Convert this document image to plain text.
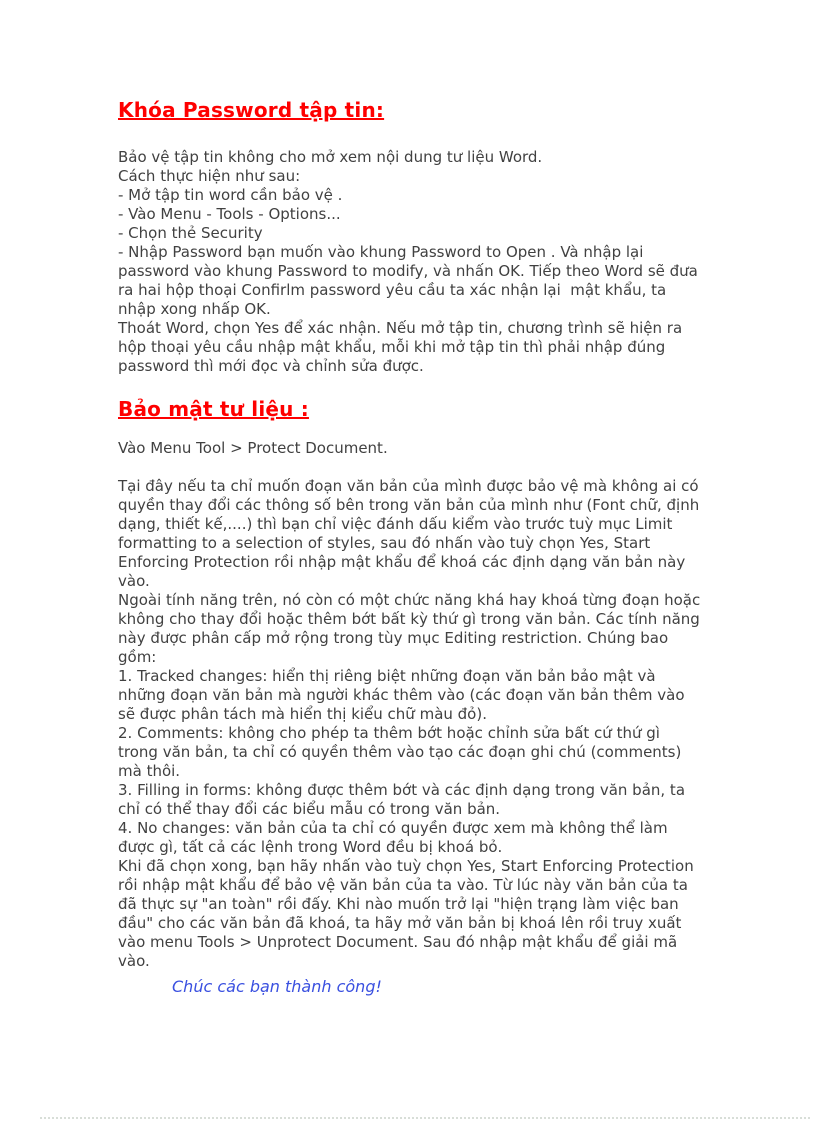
Khóa Password tập tin:
Bảo vệ tập tin không cho mở xem nội dung tư liệu Word.
Cách thực hiện như sau:
- Mở tập tin word cần bảo vệ .
- Vào Menu - Tools - Options...
- Chọn thẻ Security
- Nhập Password bạn muốn vào khung Password to Open . Và nhập lại
password vào khung Password to modify, và nhấn OK. Tiếp theo Word sẽ đưa
ra hai hộp thoại Confirlm password yêu cầu ta xác nhận lại  mật khẩu, ta
nhập xong nhấp OK.
Thoát Word, chọn Yes để xác nhận. Nếu mở tập tin, chương trình sẽ hiện ra
hộp thoại yêu cầu nhập mật khẩu, mỗi khi mở tập tin thì phải nhập đúng
password thì mới đọc và chỉnh sửa được.
Bảo mật tư liệu :
Vào Menu Tool > Protect Document.
Tại đây nếu ta chỉ muốn đoạn văn bản của mình được bảo vệ mà không ai có
quyền thay đổi các thông số bên trong văn bản của mình như (Font chữ, định
dạng, thiết kế,....) thì bạn chỉ việc đánh dấu kiểm vào trước tuỳ mục Limit
formatting to a selection of styles, sau đó nhấn vào tuỳ chọn Yes, Start
Enforcing Protection rồi nhập mật khẩu để khoá các định dạng văn bản này
vào.
Ngoài tính năng trên, nó còn có một chức năng khá hay khoá từng đoạn hoặc
không cho thay đổi hoặc thêm bớt bất kỳ thứ gì trong văn bản. Các tính năng
này được phân cấp mở rộng trong tùy mục Editing restriction. Chúng bao
gồm:
1. Tracked changes: hiển thị riêng biệt những đoạn văn bản bảo mật và
những đoạn văn bản mà người khác thêm vào (các đoạn văn bản thêm vào
sẽ được phân tách mà hiển thị kiểu chữ màu đỏ).
2. Comments: không cho phép ta thêm bớt hoặc chỉnh sửa bất cứ thứ gì
trong văn bản, ta chỉ có quyền thêm vào tạo các đoạn ghi chú (comments)
mà thôi.
3. Filling in forms: không được thêm bớt và các định dạng trong văn bản, ta
chỉ có thể thay đổi các biểu mẫu có trong văn bản.
4. No changes: văn bản của ta chỉ có quyền được xem mà không thể làm
được gì, tất cả các lệnh trong Word đều bị khoá bỏ.
Khi đã chọn xong, bạn hãy nhấn vào tuỳ chọn Yes, Start Enforcing Protection
rồi nhập mật khẩu để bảo vệ văn bản của ta vào. Từ lúc này văn bản của ta
đã thực sự "an toàn" rồi đấy. Khi nào muốn trở lại "hiện trạng làm việc ban
đầu" cho các văn bản đã khoá, ta hãy mở văn bản bị khoá lên rồi truy xuất
vào menu Tools > Unprotect Document. Sau đó nhập mật khẩu để giải mã
vào.
Chúc các bạn thành công!
